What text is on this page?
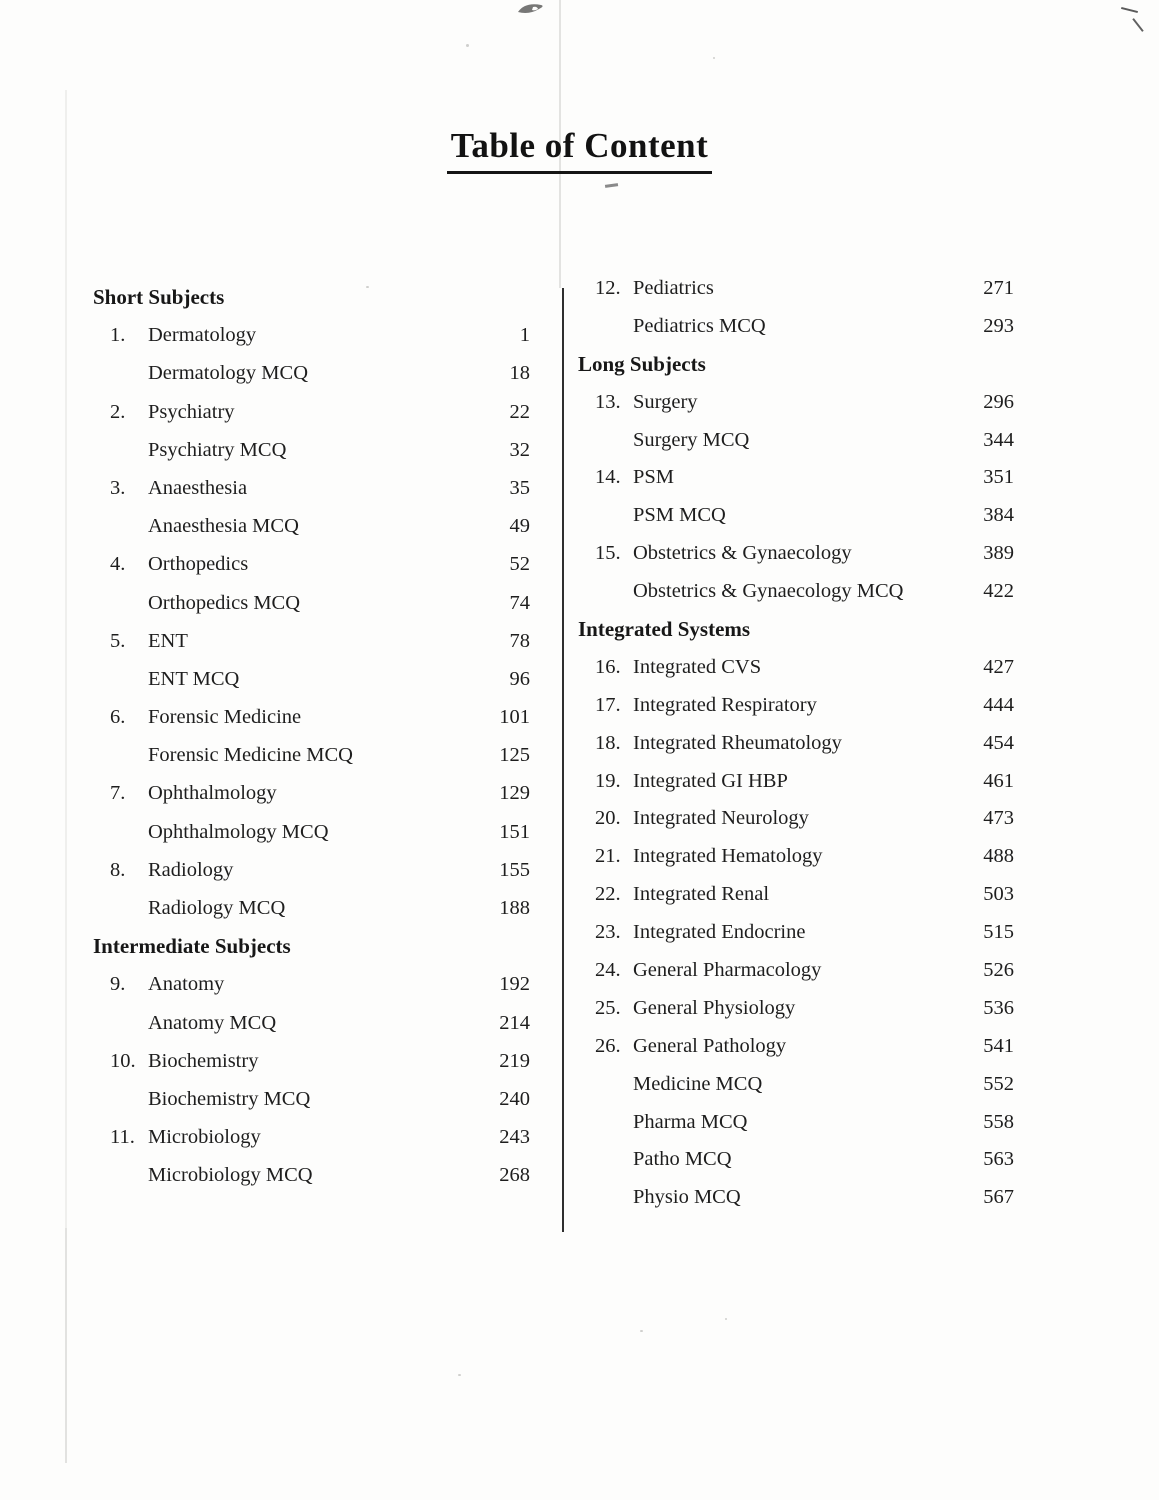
Table of Content
Short Subjects
1.	Dermatology	1
Dermatology MCQ	18
2.	Psychiatry	22
Psychiatry MCQ	32
3.	Anaesthesia	35
Anaesthesia MCQ	49
4.	Orthopedics	52
Orthopedics MCQ	74
5.	ENT	78
ENT MCQ	96
6.	Forensic Medicine	101
Forensic Medicine MCQ	125
7.	Ophthalmology	129
Ophthalmology MCQ	151
8.	Radiology	155
Radiology MCQ	188
Intermediate Subjects
9.	Anatomy	192
Anatomy MCQ	214
10. Biochemistry	219
Biochemistry MCQ	240
11. Microbiology	243
Microbiology MCQ	268
12. Pediatrics	271
Pediatrics MCQ	293
Long Subjects
13. Surgery	296
Surgery MCQ	344
14. PSM	351
PSM MCQ	384
15. Obstetrics & Gynaecology	389
Obstetrics & Gynaecology MCQ	422
Integrated Systems
16. Integrated CVS	427
17. Integrated Respiratory	444
18. Integrated Rheumatology	454
19. Integrated GI HBP	461
20. Integrated Neurology	473
21. Integrated Hematology	488
22. Integrated Renal	503
23. Integrated Endocrine	515
24. General Pharmacology	526
25. General Physiology	536
26. General Pathology	541
Medicine MCQ	552
Pharma MCQ	558
Patho MCQ	563
Physio MCQ	567
